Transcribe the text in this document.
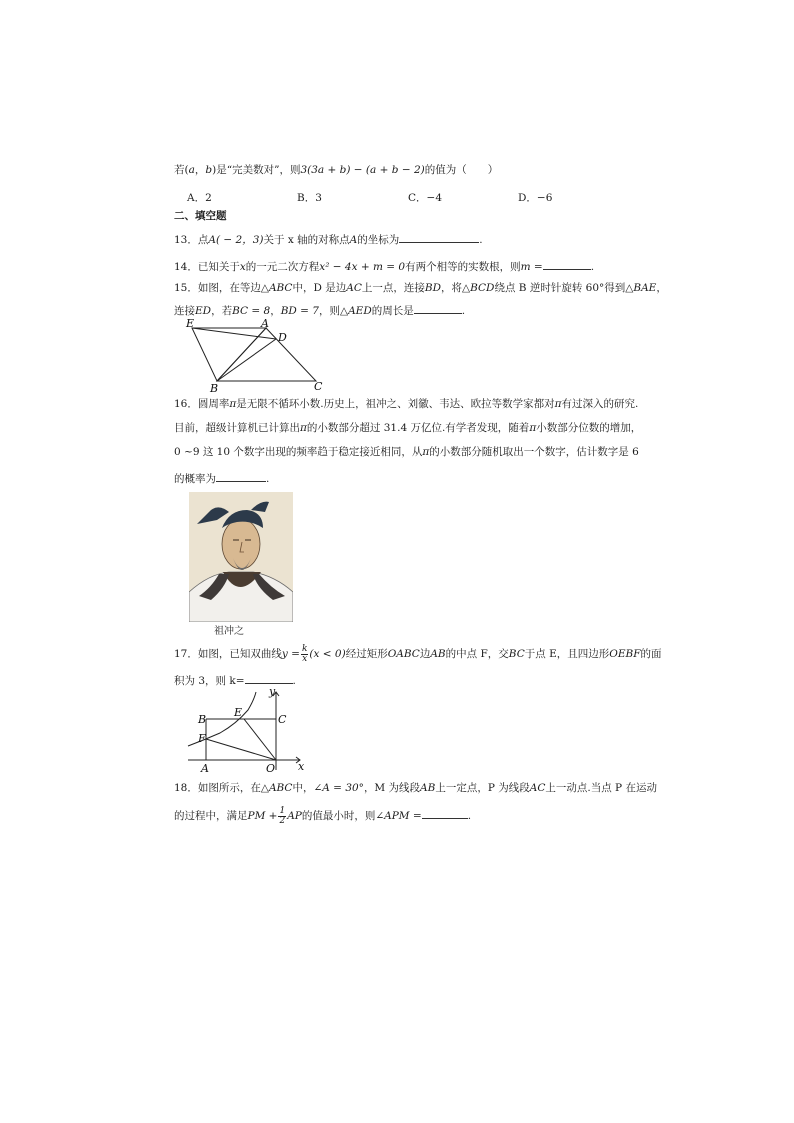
若(a，b)是“完美数对”，则3(3a + b) − (a + b − 2)的值为（　　）
A．2	B．3	C．−4	D．−6
二、填空题
13．点A( − 2，3)关于 x 轴的对称点A的坐标为	.
14．已知关于x的一元二次方程x² − 4x + m = 0有两个相等的实数根，则m =	.
15．如图，在等边△ABC中，D 是边AC上一点，连接BD，将△BCD绕点 B 逆时针旋转 60°得到△BAE，
连接ED，若BC = 8，BD = 7，则△AED的周长是	.
E	A
D
B	C
16．圆周率π是无限不循环小数.历史上，祖冲之、刘徽、韦达、欧拉等数学家都对π有过深入的研究.
目前，超级计算机已计算出π的小数部分超过 31.4 万亿位.有学者发现，随着π小数部分位数的增加，
0 ~9 这 10 个数字出现的频率趋于稳定接近相同，从π的小数部分随机取出一个数字，估计数字是 6
的概率为	.
祖冲之
17．如图，已知双曲线$y = \frac{k}{x} (x < 0)$经过矩形OABC边AB的中点 F，交BC于点 E，且四边形OEBF的面
积为 3，则 k=	.
y
x
B
E
C
F
A	O
18．如图所示，在△ABC中，∠A = 30°，M 为线段AB上一定点，P 为线段AC上一动点.当点 P 在运动
的过程中，满足PM + $\frac{1}{2}$ AP的值最小时，则∠APM =	.
